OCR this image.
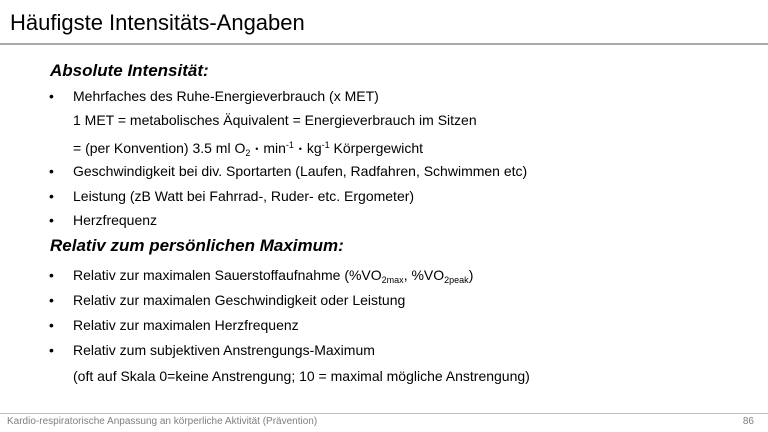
Häufigste Intensitäts-Angaben
Absolute Intensität:
• Mehrfaches des Ruhe-Energieverbrauch (x MET)
1 MET = metabolisches Äquivalent = Energieverbrauch im Sitzen
= (per Konvention) 3.5 ml $O_2$ • $\min^{-1}$ • $kg^{-1}$ Körpergewicht
• Geschwindigkeit bei div. Sportarten (Laufen, Radfahren, Schwimmen etc)
• Leistung (zB Watt bei Fahrrad-, Ruder- etc. Ergometer)
• Herzfrequenz
Relativ zum persönlichen Maximum:
• Relativ zur maximalen Sauerstoffaufnahme ($\%VO_{2max}$, $\%VO_{2peak}$)
• Relativ zur maximalen Geschwindigkeit oder Leistung
• Relativ zur maximalen Herzfrequenz
• Relativ zum subjektiven Anstrengungs-Maximum
(oft auf Skala 0=keine Anstrengung; 10 = maximal mögliche Anstrengung)
Kardio-respiratorische Anpassung an körperliche Aktivität (Prävention)	86
